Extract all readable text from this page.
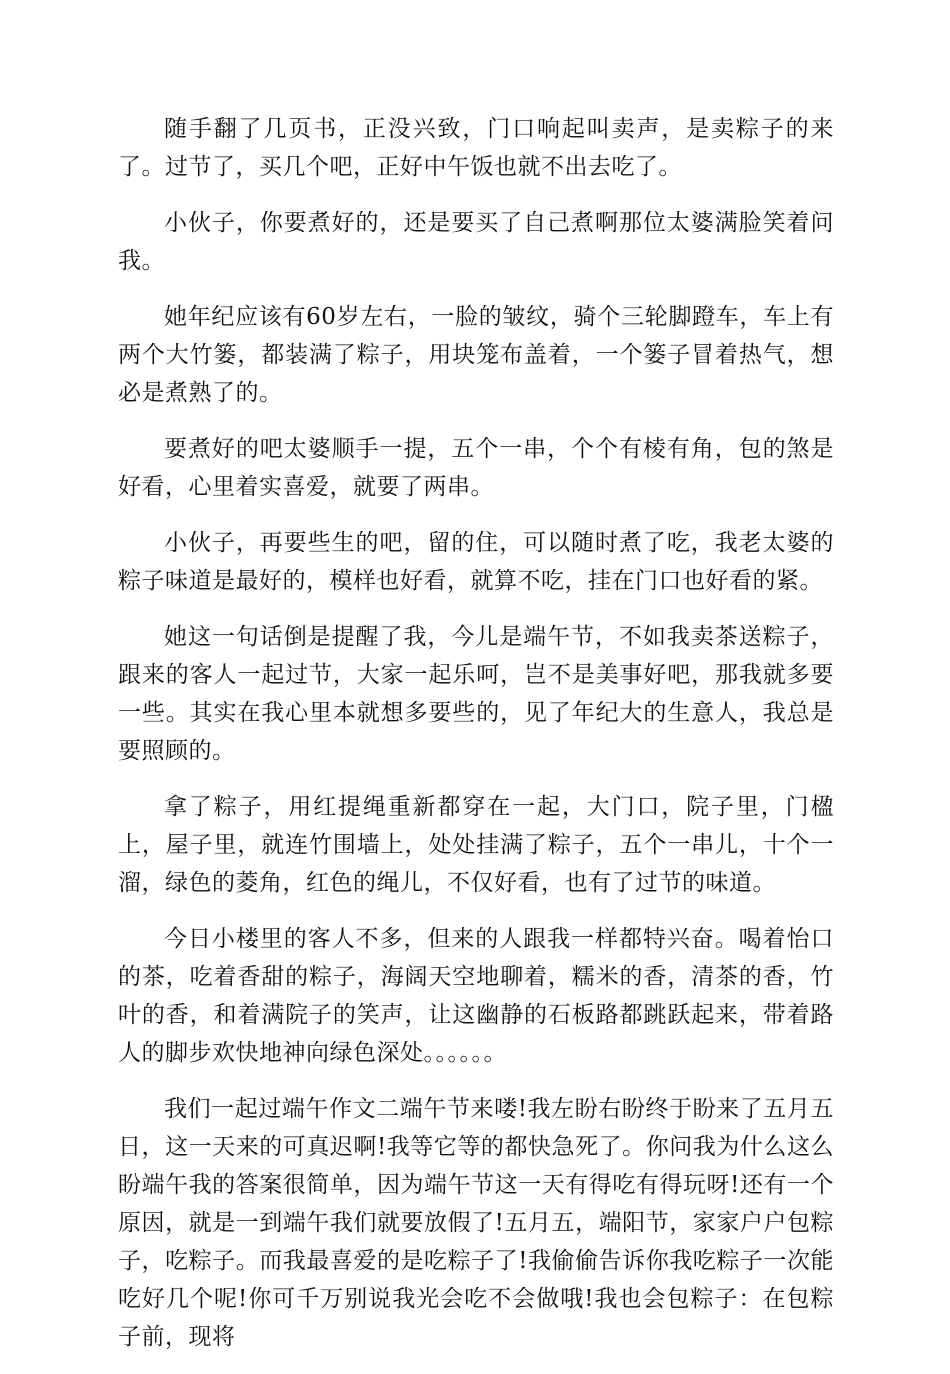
随手翻了几页书，正没兴致，门口响起叫卖声，是卖粽子的来了。过节了，买几个吧，正好中午饭也就不出去吃了。

小伙子，你要煮好的，还是要买了自己煮啊那位太婆满脸笑着问我。

她年纪应该有60岁左右，一脸的皱纹，骑个三轮脚蹬车，车上有两个大竹篓，都装满了粽子，用块笼布盖着，一个篓子冒着热气，想必是煮熟了的。

要煮好的吧太婆顺手一提，五个一串，个个有棱有角，包的煞是好看，心里着实喜爱，就要了两串。

小伙子，再要些生的吧，留的住，可以随时煮了吃，我老太婆的粽子味道是最好的，模样也好看，就算不吃，挂在门口也好看的紧。

她这一句话倒是提醒了我，今儿是端午节，不如我卖茶送粽子，跟来的客人一起过节，大家一起乐呵，岂不是美事好吧，那我就多要一些。其实在我心里本就想多要些的，见了年纪大的生意人，我总是要照顾的。

拿了粽子，用红提绳重新都穿在一起，大门口，院子里，门楹上，屋子里，就连竹围墙上，处处挂满了粽子，五个一串儿，十个一溜，绿色的菱角，红色的绳儿，不仅好看，也有了过节的味道。

今日小楼里的客人不多，但来的人跟我一样都特兴奋。喝着怡口的茶，吃着香甜的粽子，海阔天空地聊着，糯米的香，清茶的香，竹叶的香，和着满院子的笑声，让这幽静的石板路都跳跃起来，带着路人的脚步欢快地神向绿色深处。。。。。。

我们一起过端午作文二端午节来喽!我左盼右盼终于盼来了五月五日，这一天来的可真迟啊!我等它等的都快急死了。你问我为什么这么盼端午我的答案很简单，因为端午节这一天有得吃有得玩呀!还有一个原因，就是一到端午我们就要放假了!五月五，端阳节，家家户户包粽子，吃粽子。而我最喜爱的是吃粽子了!我偷偷告诉你我吃粽子一次能吃好几个呢!你可千万别说我光会吃不会做哦!我也会包粽子：在包粽子前，现将
